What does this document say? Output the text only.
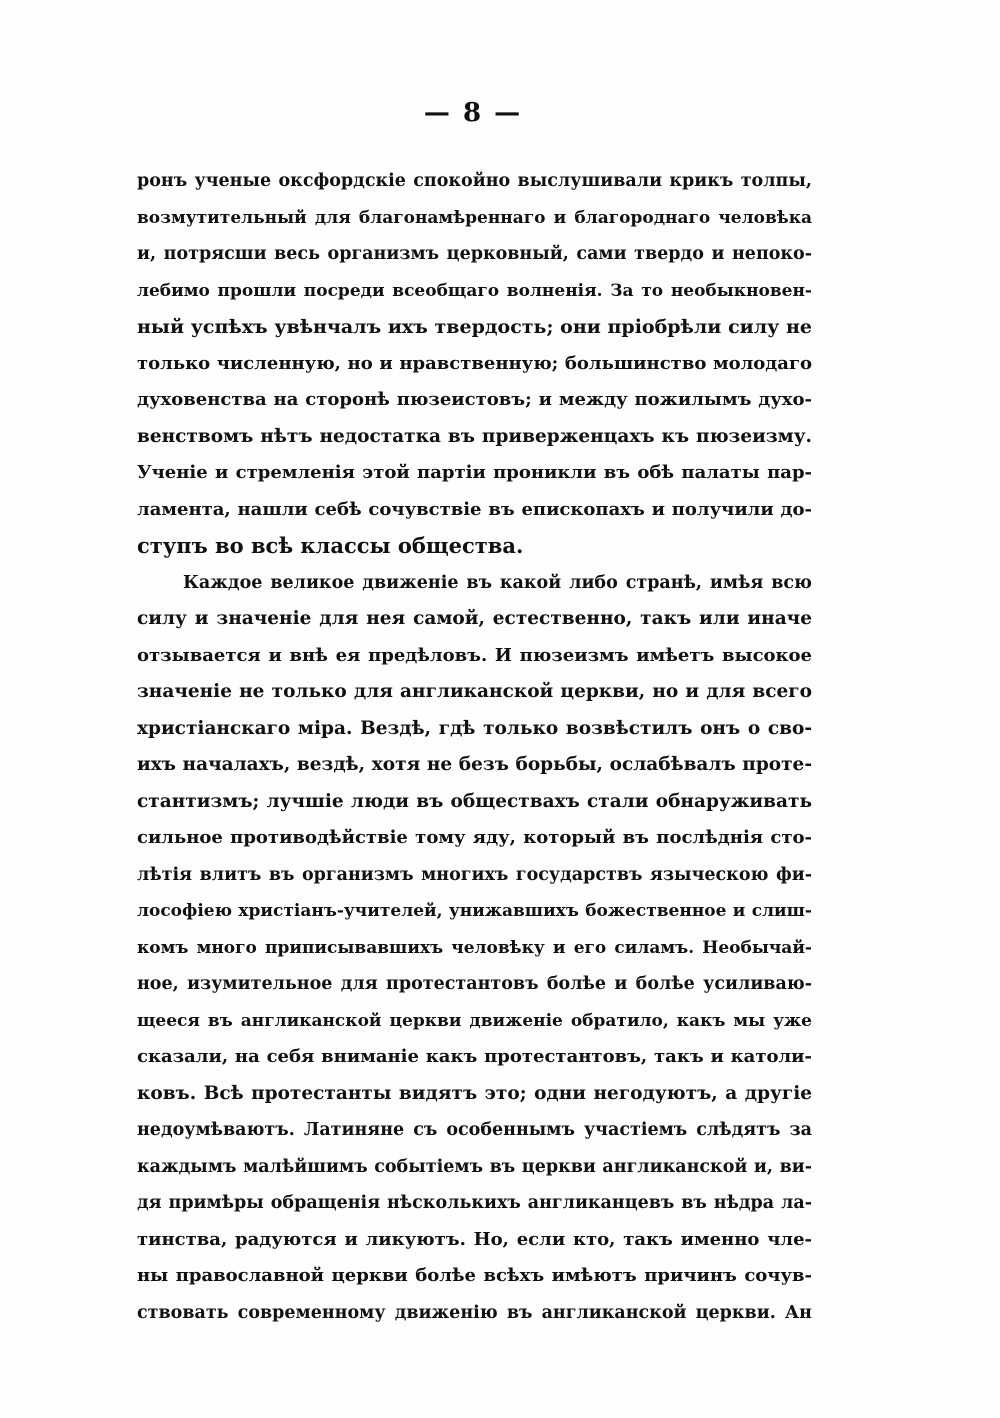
— 8 —
ронъ ученые оксфордскіе спокойно выслушивали крикъ толпы,
возмутительный для благонамѣреннаго и благороднаго человѣка
и, потрясши весь организмъ церковный, сами твердо и непоко-
лебимо прошли посреди всеобщаго волненія. За то необыкновен-
ный успѣхъ увѣнчалъ ихъ твердость; они пріобрѣли силу не
только численную, но и нравственную; большинство молодаго
духовенства на сторонѣ пюзеистовъ; и между пожилымъ духо-
венствомъ нѣтъ недостатка въ приверженцахъ къ пюзеизму.
Ученіе и стремленія этой партіи проникли въ обѣ палаты пар-
ламента, нашли себѣ сочувствіе въ епископахъ и получили до-
ступъ во всѣ классы общества.
Каждое великое движеніе въ какой либо странѣ, имѣя всю
силу и значеніе для нея самой, естественно, такъ или иначе
отзывается и внѣ ея предѣловъ. И пюзеизмъ имѣетъ высокое
значеніе не только для англиканской церкви, но и для всего
христіанскаго міра. Вездѣ, гдѣ только возвѣстилъ онъ о сво-
ихъ началахъ, вездѣ, хотя не безъ борьбы, ослабѣвалъ проте-
стантизмъ; лучшіе люди въ обществахъ стали обнаруживать
сильное противодѣйствіе тому яду, который въ послѣднія сто-
лѣтія влитъ въ организмъ многихъ государствъ языческою фи-
лософіею христіанъ-учителей, унижавшихъ божественное и слиш-
комъ много приписывавшихъ человѣку и его силамъ. Необычай-
ное, изумительное для протестантовъ болѣе и болѣе усиливаю-
щееся въ англиканской церкви движеніе обратило, какъ мы уже
сказали, на себя вниманіе какъ протестантовъ, такъ и католи-
ковъ. Всѣ протестанты видятъ это; одни негодуютъ, а другіе
недоумѣваютъ. Латиняне съ особеннымъ участіемъ слѣдятъ за
каждымъ малѣйшимъ событіемъ въ церкви англиканской и, ви-
дя примѣры обращенія нѣсколькихъ англиканцевъ въ нѣдра ла-
тинства, радуются и ликуютъ. Но, если кто, такъ именно чле-
ны православной церкви болѣе всѣхъ имѣютъ причинъ сочув-
ствовать современному движенію въ англиканской церкви. Ан
